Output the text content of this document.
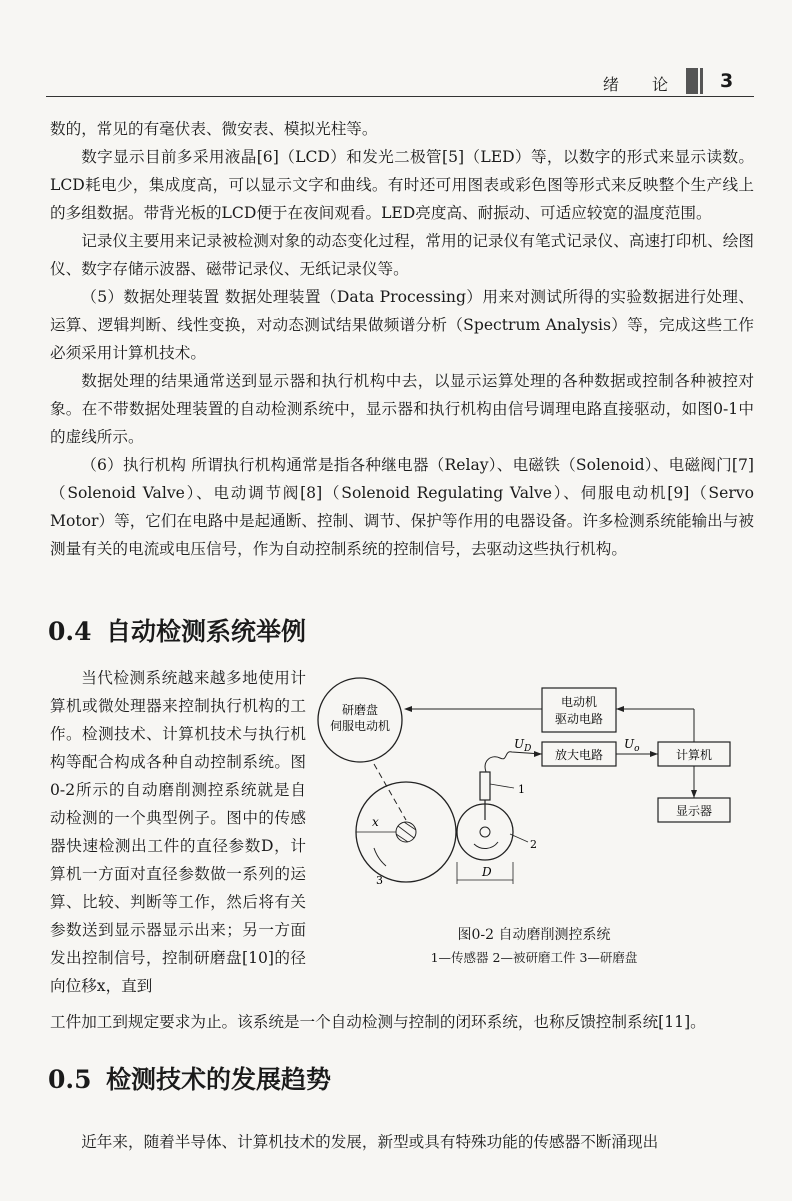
绪 论 3

数的，常见的有毫伏表、微安表、模拟光柱等。

数字显示目前多采用液晶[6]（LCD）和发光二极管[5]（LED）等，以数字的形式来显示读数。LCD耗电少，集成度高，可以显示文字和曲线。有时还可用图表或彩色图等形式来反映整个生产线上的多组数据。带背光板的LCD便于在夜间观看。LED亮度高、耐振动、可适应较宽的温度范围。

记录仪主要用来记录被检测对象的动态变化过程，常用的记录仪有笔式记录仪、高速打印机、绘图仪、数字存储示波器、磁带记录仪、无纸记录仪等。

（5）数据处理装置 数据处理装置（Data Processing）用来对测试所得的实验数据进行处理、运算、逻辑判断、线性变换，对动态测试结果做频谱分析（Spectrum Analysis）等，完成这些工作必须采用计算机技术。

数据处理的结果通常送到显示器和执行机构中去，以显示运算处理的各种数据或控制各种被控对象。在不带数据处理装置的自动检测系统中，显示器和执行机构由信号调理电路直接驱动，如图0-1中的虚线所示。

（6）执行机构 所谓执行机构通常是指各种继电器（Relay）、电磁铁（Solenoid）、电磁阀门[7]（Solenoid Valve）、电动调节阀[8]（Solenoid Regulating Valve）、伺服电动机[9]（Servo Motor）等，它们在电路中是起通断、控制、调节、保护等作用的电器设备。许多检测系统能输出与被测量有关的电流或电压信号，作为自动控制系统的控制信号，去驱动这些执行机构。

0.4 自动检测系统举例

当代检测系统越来越多地使用计算机或微处理器来控制执行机构的工作。检测技术、计算机技术与执行机构等配合构成各种自动控制系统。图0-2所示的自动磨削测控系统就是自动检测的一个典型例子。图中的传感器快速检测出工件的直径参数D，计算机一方面对直径参数做一系列的运算、比较、判断等工作，然后将有关参数送到显示器显示出来；另一方面发出控制信号，控制研磨盘[10]的径向位移x，直到

研磨盘
伺服电动机
电动机
驱动电路
放大电路	计算机
$U_o$
显示器
$U_D$
1
3
x
2
D
图0-2 自动磨削测控系统
1—传感器 2—被研磨工件 3—研磨盘
工件加工到规定要求为止。该系统是一个自动检测与控制的闭环系统，也称反馈控制系统[11]。
0.5 检测技术的发展趋势
近年来，随着半导体、计算机技术的发展，新型或具有特殊功能的传感器不断涌现出
